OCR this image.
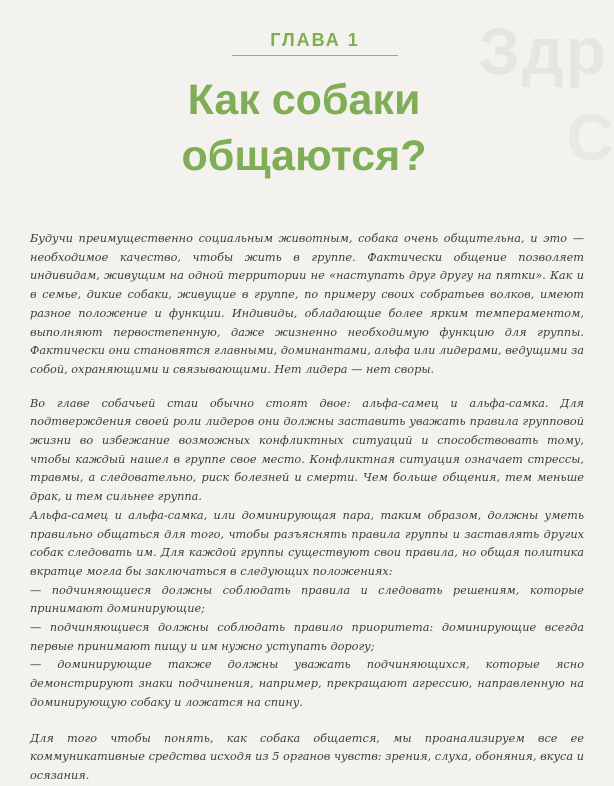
Здр
С
ГЛАВА 1
Как собаки
общаются?

Будучи преимущественно социальным животным, собака очень общительна, и это — необходимое качество, чтобы жить в группе. Фактически общение позволяет индивидам, живущим на одной территории не «наступать друг другу на пятки». Как и в семье, дикие собаки, живущие в группе, по примеру своих собратьев волков, имеют разное положение и функции. Индивиды, обладающие более ярким темпераментом, выполняют первостепенную, даже жизненно необходимую функцию для группы. Фактически они становятся главными, доминантами, альфа или лидерами, ведущими за собой, охраняющими и связывающими. Нет лидера — нет своры.

Во главе собачьей стаи обычно стоят двое: альфа-самец и альфа-самка. Для подтверждения своей роли лидеров они должны заставить уважать правила групповой жизни во избежание возможных конфликтных ситуаций и способствовать тому, чтобы каждый нашел в группе свое место. Конфликтная ситуация означает стрессы, травмы, а следовательно, риск болезней и смерти. Чем больше общения, тем меньше драк, и тем сильнее группа.

Альфа-самец и альфа-самка, или доминирующая пара, таким образом, должны уметь правильно общаться для того, чтобы разъяснять правила группы и заставлять других собак следовать им. Для каждой группы существуют свои правила, но общая политика вкратце могла бы заключаться в следующих положениях:

— подчиняющиеся должны соблюдать правила и следовать решениям, которые принимают доминирующие;

— подчиняющиеся должны соблюдать правило приоритета: доминирующие всегда первые принимают пищу и им нужно уступать дорогу;

— доминирующие также должны уважать подчиняющихся, которые ясно демонстрируют знаки подчинения, например, прекращают агрессию, направленную на доминирующую собаку и ложатся на спину.

Для того чтобы понять, как собака общается, мы проанализируем все ее коммуникативные средства исходя из 5 органов чувств: зрения, слуха, обоняния, вкуса и осязания.
